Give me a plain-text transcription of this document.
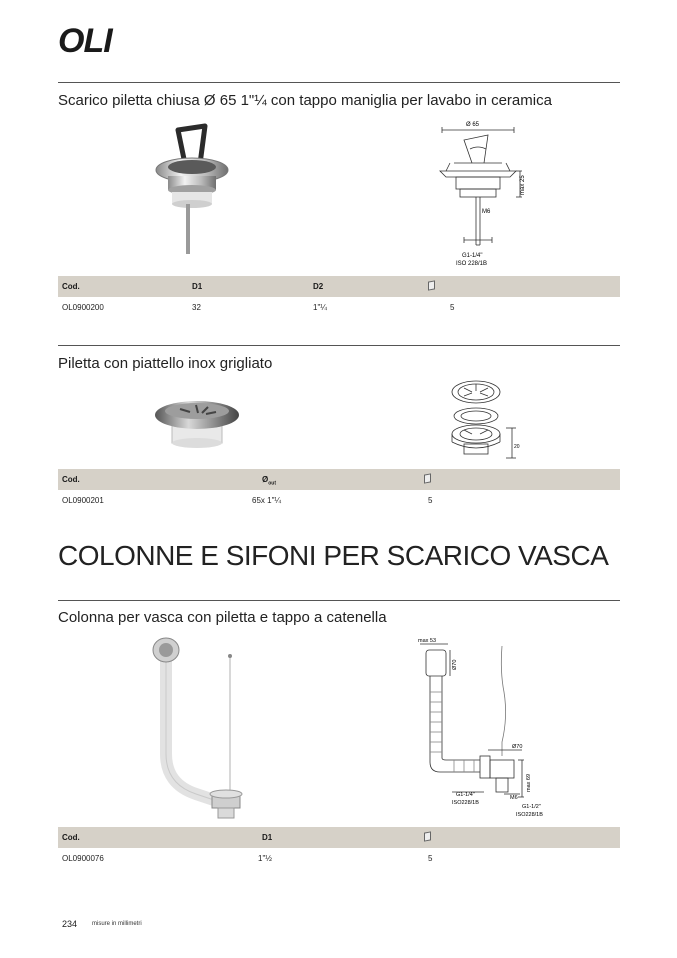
OLI
Scarico piletta chiusa Ø 65 1"¼ con tappo maniglia per lavabo in ceramica
Ø 65
max 25
M6
G1-1/4"
ISO 228/1B
Cod.	D1	D2
OL0900200	32	1"¼	5
Piletta con piattello inox grigliato
20
Cod.	$Ø_{out}$
OL0900201	65x 1"¼	5
COLONNE E SIFONI PER SCARICO VASCA
Colonna per vasca con piletta e tappo a catenella
max 53
Ø70
Ø70
max 69
M6
G1-1/4"
ISO228/1B
G1-1/2"
ISO228/1B
Cod.	D1
OL0900076	1"½	5
234 misure in millimetri
